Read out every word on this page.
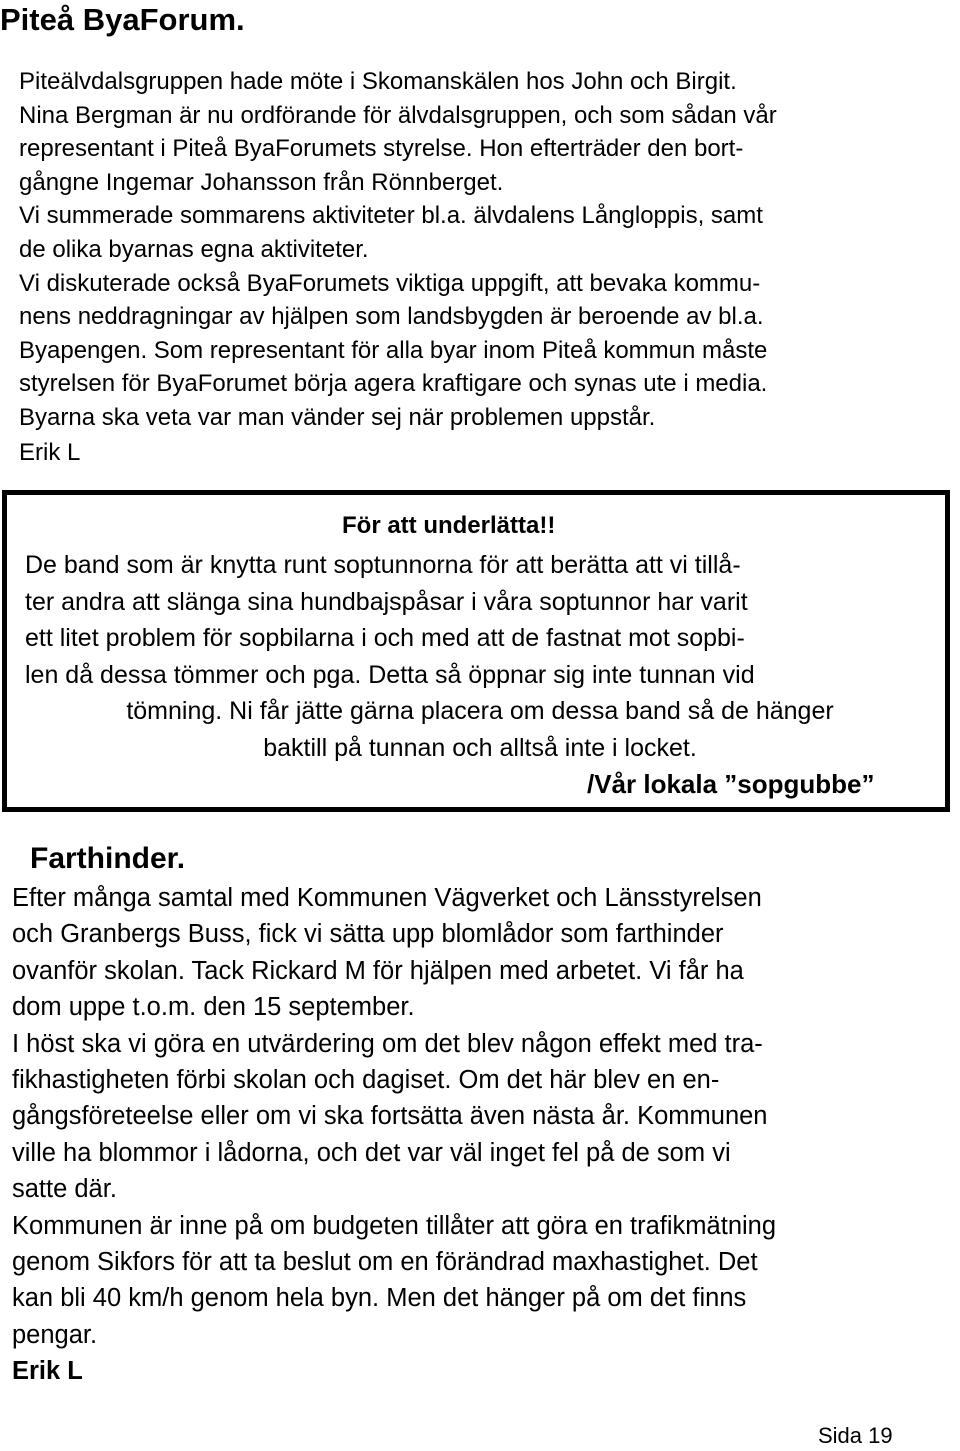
Piteå ByaForum.
Piteälvdalsgruppen hade möte i Skomanskälen hos John och Birgit.
Nina Bergman är nu ordförande för älvdalsgruppen, och som sådan vår
representant i Piteå ByaForumets styrelse. Hon efterträder den bort-
gångne Ingemar Johansson från Rönnberget.
Vi summerade sommarens aktiviteter bl.a. älvdalens Långloppis, samt
de olika byarnas egna aktiviteter.
Vi diskuterade också ByaForumets viktiga uppgift, att bevaka kommu-
nens neddragningar av hjälpen som landsbygden är beroende av bl.a.
Byapengen. Som representant för alla byar inom Piteå kommun måste
styrelsen för ByaForumet börja agera kraftigare och synas ute i media.
Byarna ska veta var man vänder sej när problemen uppstår.
Erik L
För att underlätta!!
De band som är knytta runt soptunnorna för att berätta att vi tillå-
ter andra att slänga sina hundbajspåsar i våra soptunnor har varit
ett litet problem för sopbilarna i och med att de fastnat mot sopbi-
len då dessa tömmer och pga. Detta så öppnar sig inte tunnan vid
tömning. Ni får jätte gärna placera om dessa band så de hänger
baktill på tunnan och alltså inte i locket.
/Vår lokala ”sopgubbe”
Farthinder.
Efter många samtal med Kommunen Vägverket och Länsstyrelsen
och Granbergs Buss, fick vi sätta upp blomlådor som farthinder
ovanför skolan. Tack Rickard M för hjälpen med arbetet. Vi får ha
dom uppe t.o.m. den 15 september.
I höst ska vi göra en utvärdering om det blev någon effekt med tra-
fikhastigheten förbi skolan och dagiset. Om det här blev en en-
gångsföreteelse eller om vi ska fortsätta även nästa år. Kommunen
ville ha blommor i lådorna, och det var väl inget fel på de som vi
satte där.
Kommunen är inne på om budgeten tillåter att göra en trafikmätning
genom Sikfors för att ta beslut om en förändrad maxhastighet. Det
kan bli 40 km/h genom hela byn. Men det hänger på om det finns
pengar.
Erik L
Sida 19
